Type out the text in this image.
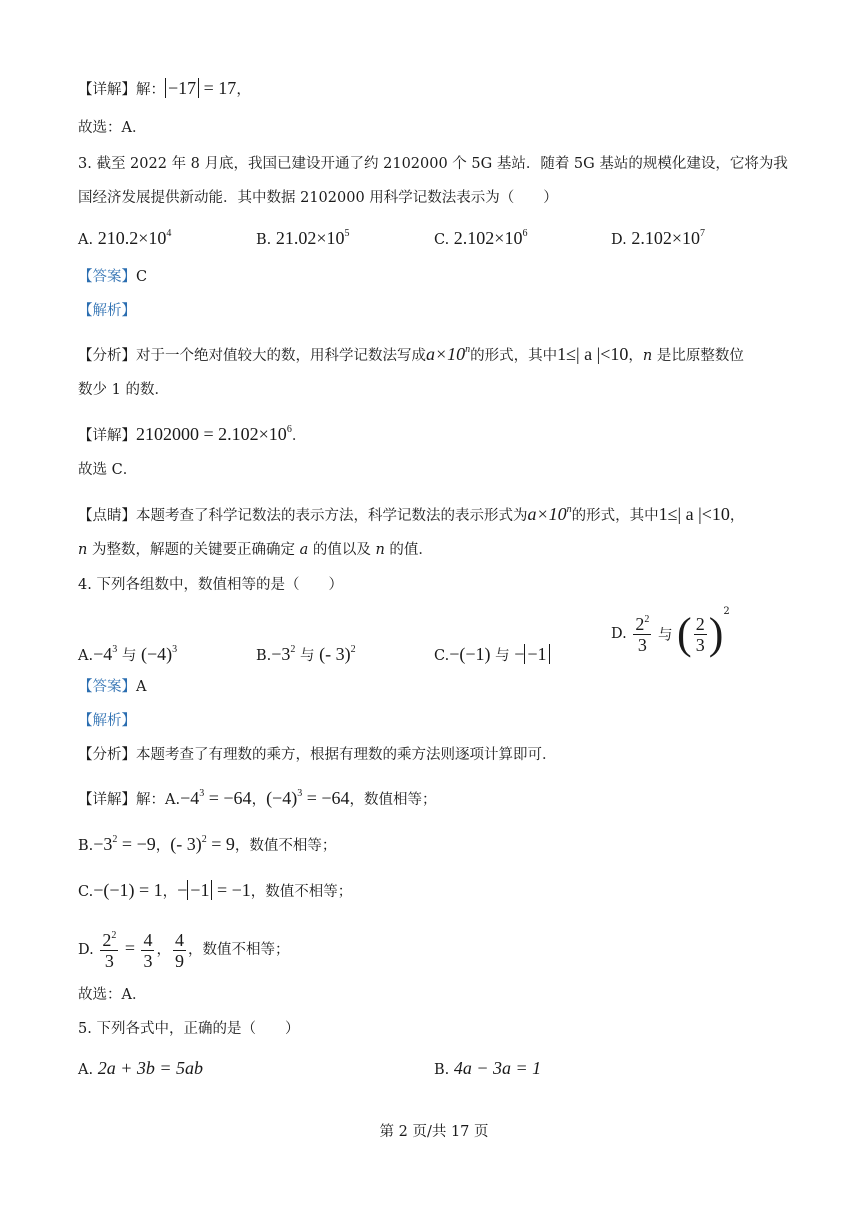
【详解】解： −17 = 17，
故选：A．
3. 截至 2022 年 8 月底，我国已建设开通了约 2102000 个 5G 基站．随着 5G 基站的规模化建设，它将为我
国经济发展提供新动能．其中数据 2102000 用科学记数法表示为（　　）
A. $210.2\times 10^4$	B. $21.02\times 10^5$	C. $2.102\times 10^6$	D. $2.102\times 10^7$
【答案】C
【解析】
【分析】对于一个绝对值较大的数，用科学记数法写成$a\times 10^n$的形式，其中1≤| a |<10，n 是比原整数位
数少 1 的数．
【详解】$2102000 = 2.102\times 10^6$．
故选 C．
【点睛】本题考查了科学记数法的表示方法，科学记数法的表示形式为$a\times 10^n$的形式，其中1≤| a |<10，
n 为整数，解题的关键要正确确定 a 的值以及 n 的值．
4. 下列各组数中，数值相等的是（　　）
$A.-4^3$ 与 $(-4)^3$	$B.-3^2$ 与 (- 3)$^2$	C.−(−1) 与 − −1
D. $\frac{2^2}{3}$ 与 ( $\frac{2}{3} )^2$
【答案】A
【解析】
【分析】本题考查了有理数的乘方，根据有理数的乘方法则逐项计算即可．
【详解】解：$A.-4^3 = -64$，$(-4)^3 = -64$，数值相等；
$B.-3^2 = -9$，(- 3)$^2$ = 9，数值不相等；
C.−(−1) = 1，− −1 = −1，数值不相等；
D. $\frac{2^2}{3} = \frac{4}{3}$ ， $\frac{4}{9}$ ，数值不相等；
故选：A．
5. 下列各式中，正确的是（　　）
A. 2a + 3b = 5ab	B. 4a − 3a = 1
第 2 页/共 17 页
